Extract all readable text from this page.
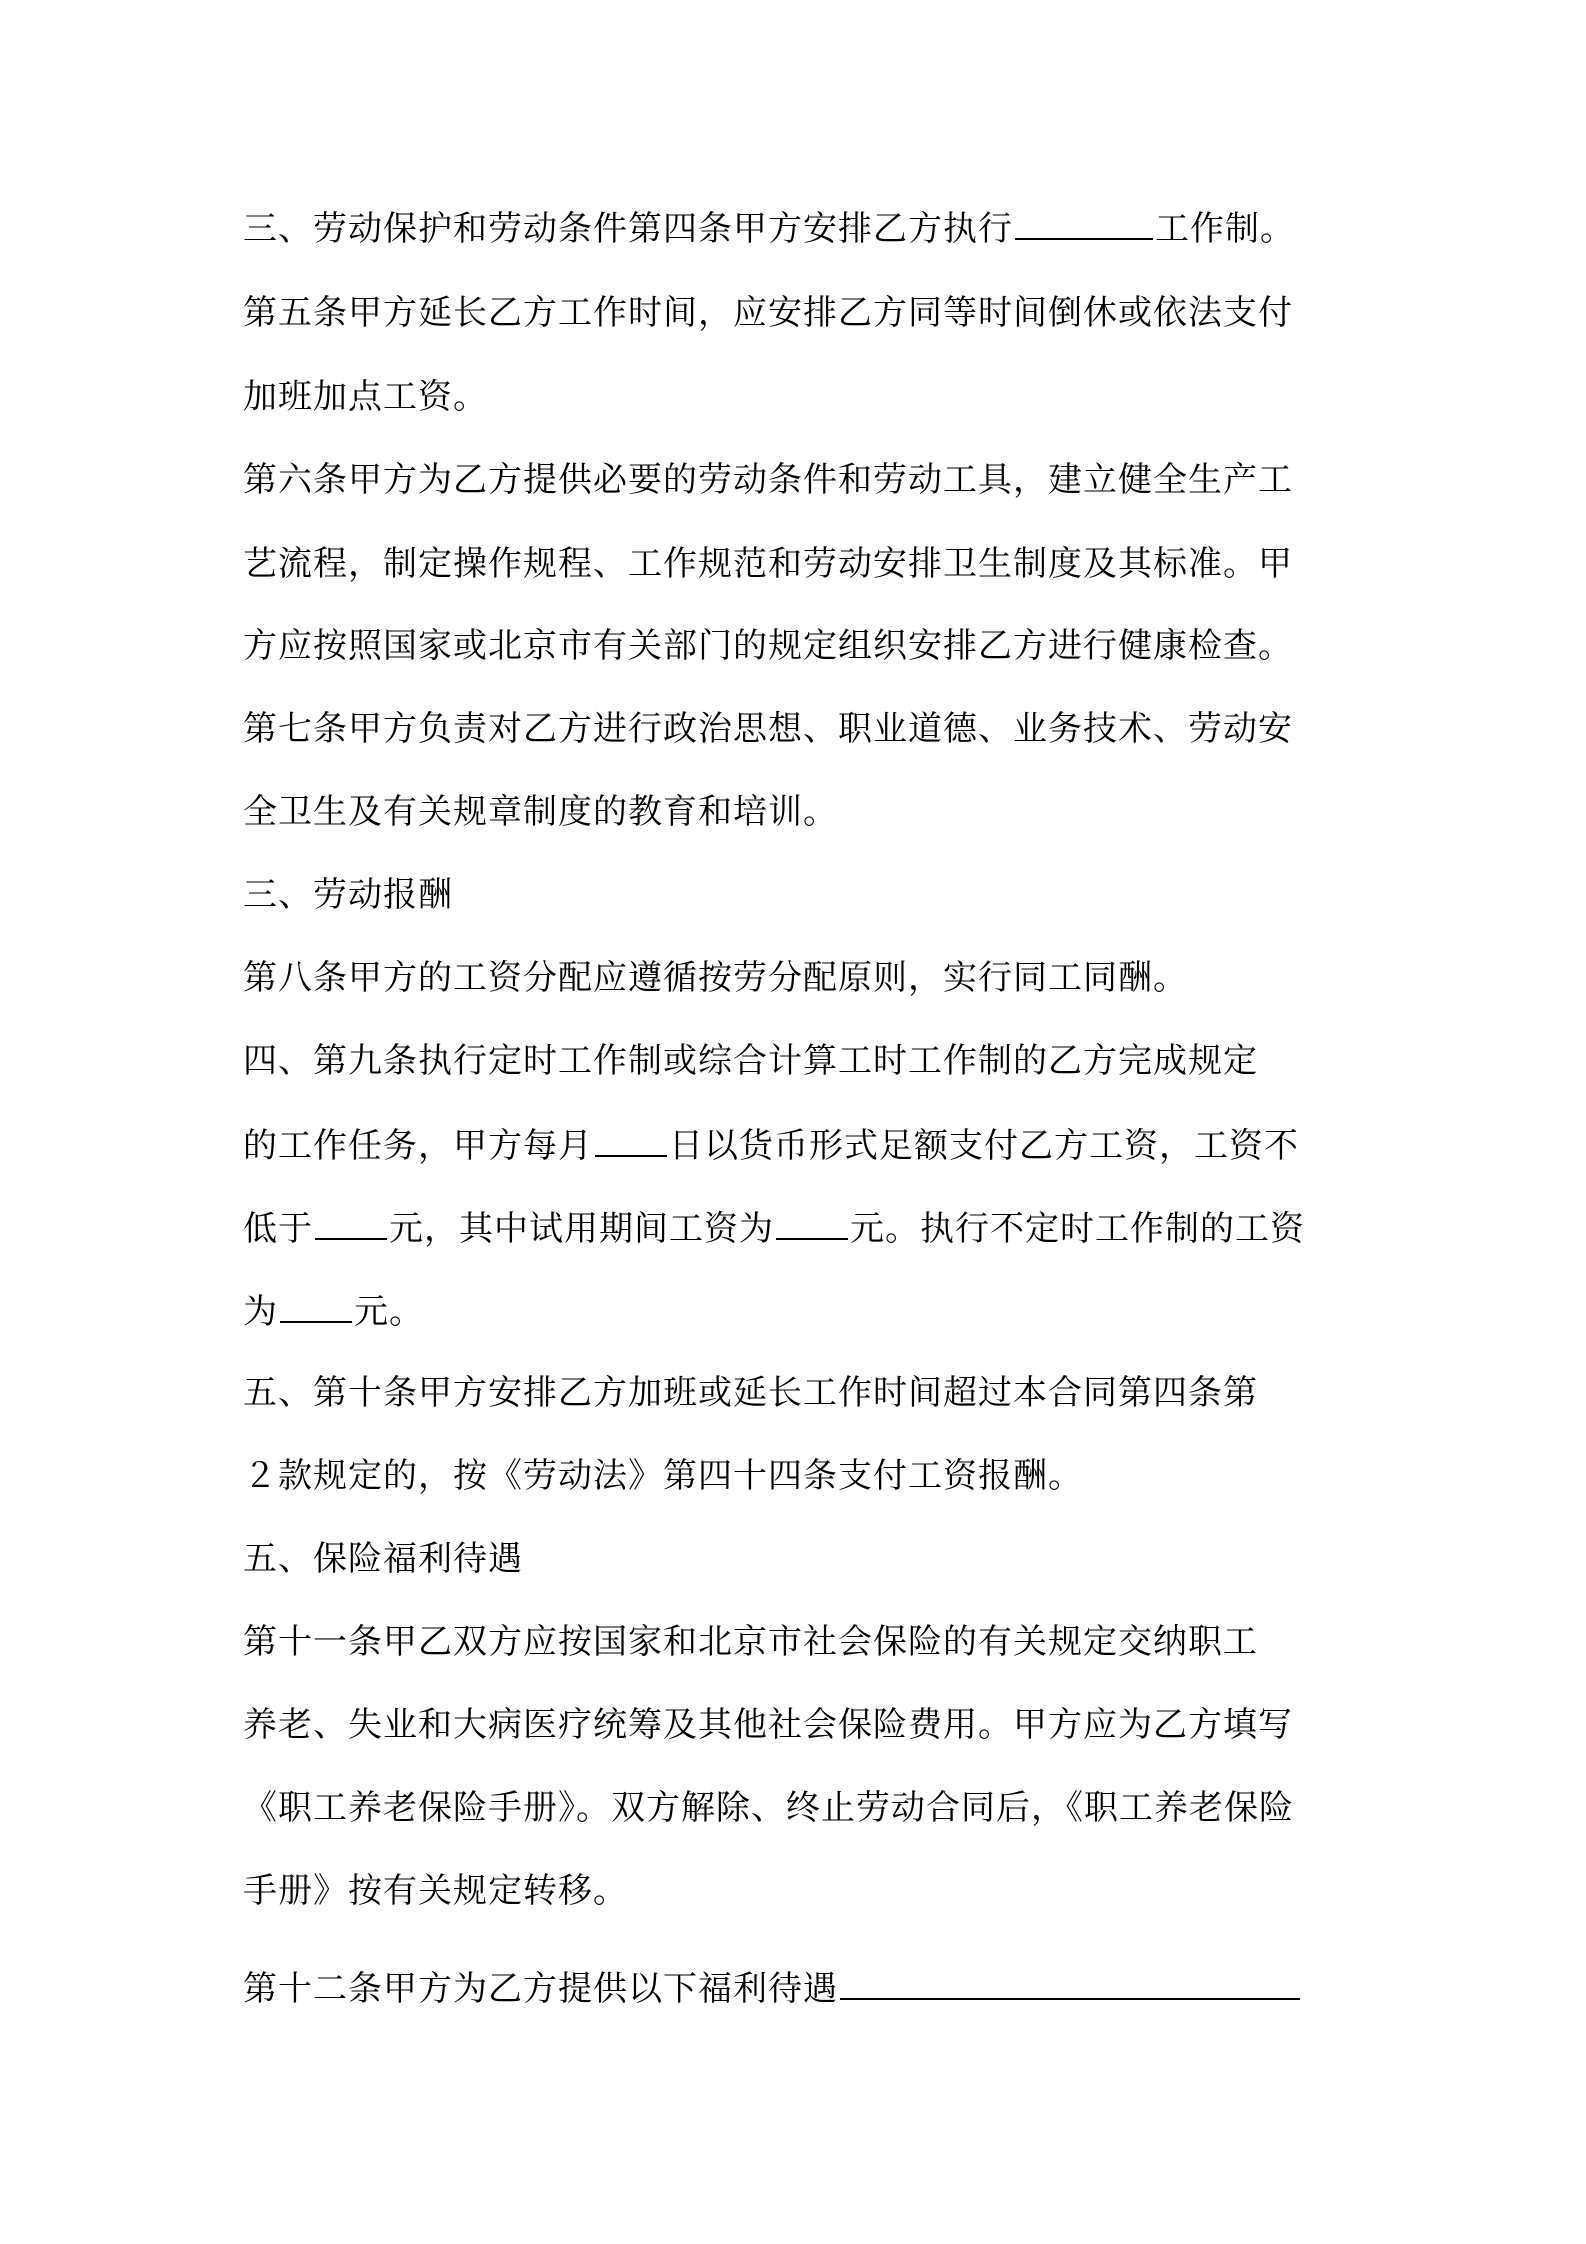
三、劳动保护和劳动条件第四条甲方安排乙方执行	工作制。
第五条甲方延长乙方工作时间，应安排乙方同等时间倒休或依法支付
加班加点工资。
第六条甲方为乙方提供必要的劳动条件和劳动工具，建立健全生产工
艺流程，制定操作规程、工作规范和劳动安排卫生制度及其标准。甲
方应按照国家或北京市有关部门的规定组织安排乙方进行健康检查。
第七条甲方负责对乙方进行政治思想、职业道德、业务技术、劳动安
全卫生及有关规章制度的教育和培训。
三、劳动报酬
第八条甲方的工资分配应遵循按劳分配原则，实行同工同酬。
四、第九条执行定时工作制或综合计算工时工作制的乙方完成规定
的工作任务，甲方每月 日以货币形式足额支付乙方工资，工资不
低于 元，其中试用期间工资为 元。执行不定时工作制的工资
为 元。
五、第十条甲方安排乙方加班或延长工作时间超过本合同第四条第
２款规定的，按《劳动法》第四十四条支付工资报酬。
五、保险福利待遇
第十一条甲乙双方应按国家和北京市社会保险的有关规定交纳职工
养老、失业和大病医疗统筹及其他社会保险费用。甲方应为乙方填写
《职工养老保险手册》。双方解除、终止劳动合同后，《职工养老保险
手册》按有关规定转移。
第十二条甲方为乙方提供以下福利待遇
